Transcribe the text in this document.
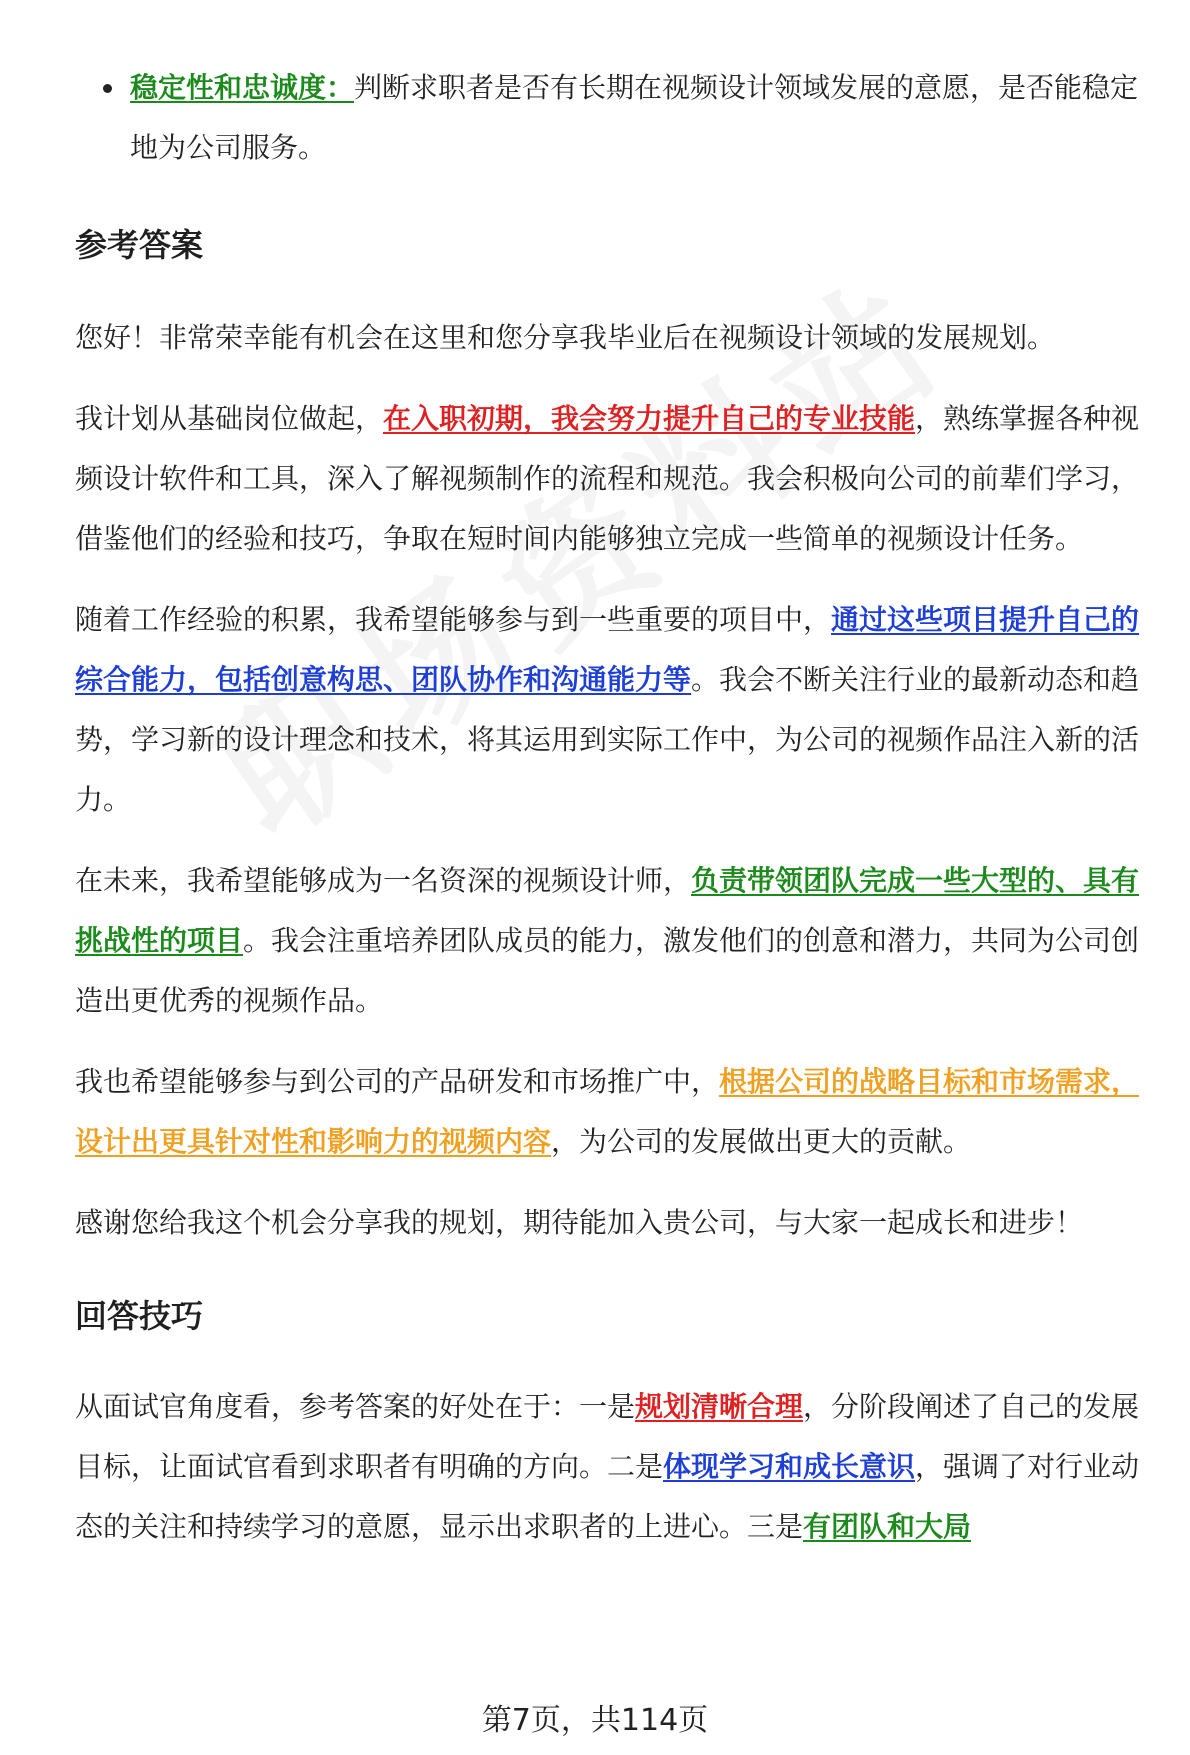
稳定性和忠诚度：判断求职者是否有长期在视频设计领域发展的意愿，是否能稳定地为公司服务。
参考答案

您好！非常荣幸能有机会在这里和您分享我毕业后在视频设计领域的发展规划。

我计划从基础岗位做起，在入职初期，我会努力提升自己的专业技能，熟练掌握各种视频设计软件和工具，深入了解视频制作的流程和规范。我会积极向公司的前辈们学习，借鉴他们的经验和技巧，争取在短时间内能够独立完成一些简单的视频设计任务。

随着工作经验的积累，我希望能够参与到一些重要的项目中，通过这些项目提升自己的综合能力，包括创意构思、团队协作和沟通能力等。我会不断关注行业的最新动态和趋势，学习新的设计理念和技术，将其运用到实际工作中，为公司的视频作品注入新的活力。

在未来，我希望能够成为一名资深的视频设计师，负责带领团队完成一些大型的、具有挑战性的项目。我会注重培养团队成员的能力，激发他们的创意和潜力，共同为公司创造出更优秀的视频作品。

我也希望能够参与到公司的产品研发和市场推广中，根据公司的战略目标和市场需求，设计出更具针对性和影响力的视频内容，为公司的发展做出更大的贡献。

感谢您给我这个机会分享我的规划，期待能加入贵公司，与大家一起成长和进步！

回答技巧

从面试官角度看，参考答案的好处在于：一是规划清晰合理，分阶段阐述了自己的发展目标，让面试官看到求职者有明确的方向。二是体现学习和成长意识，强调了对行业动态的关注和持续学习的意愿，显示出求职者的上进心。三是有团队和大局

第7页，共114页
